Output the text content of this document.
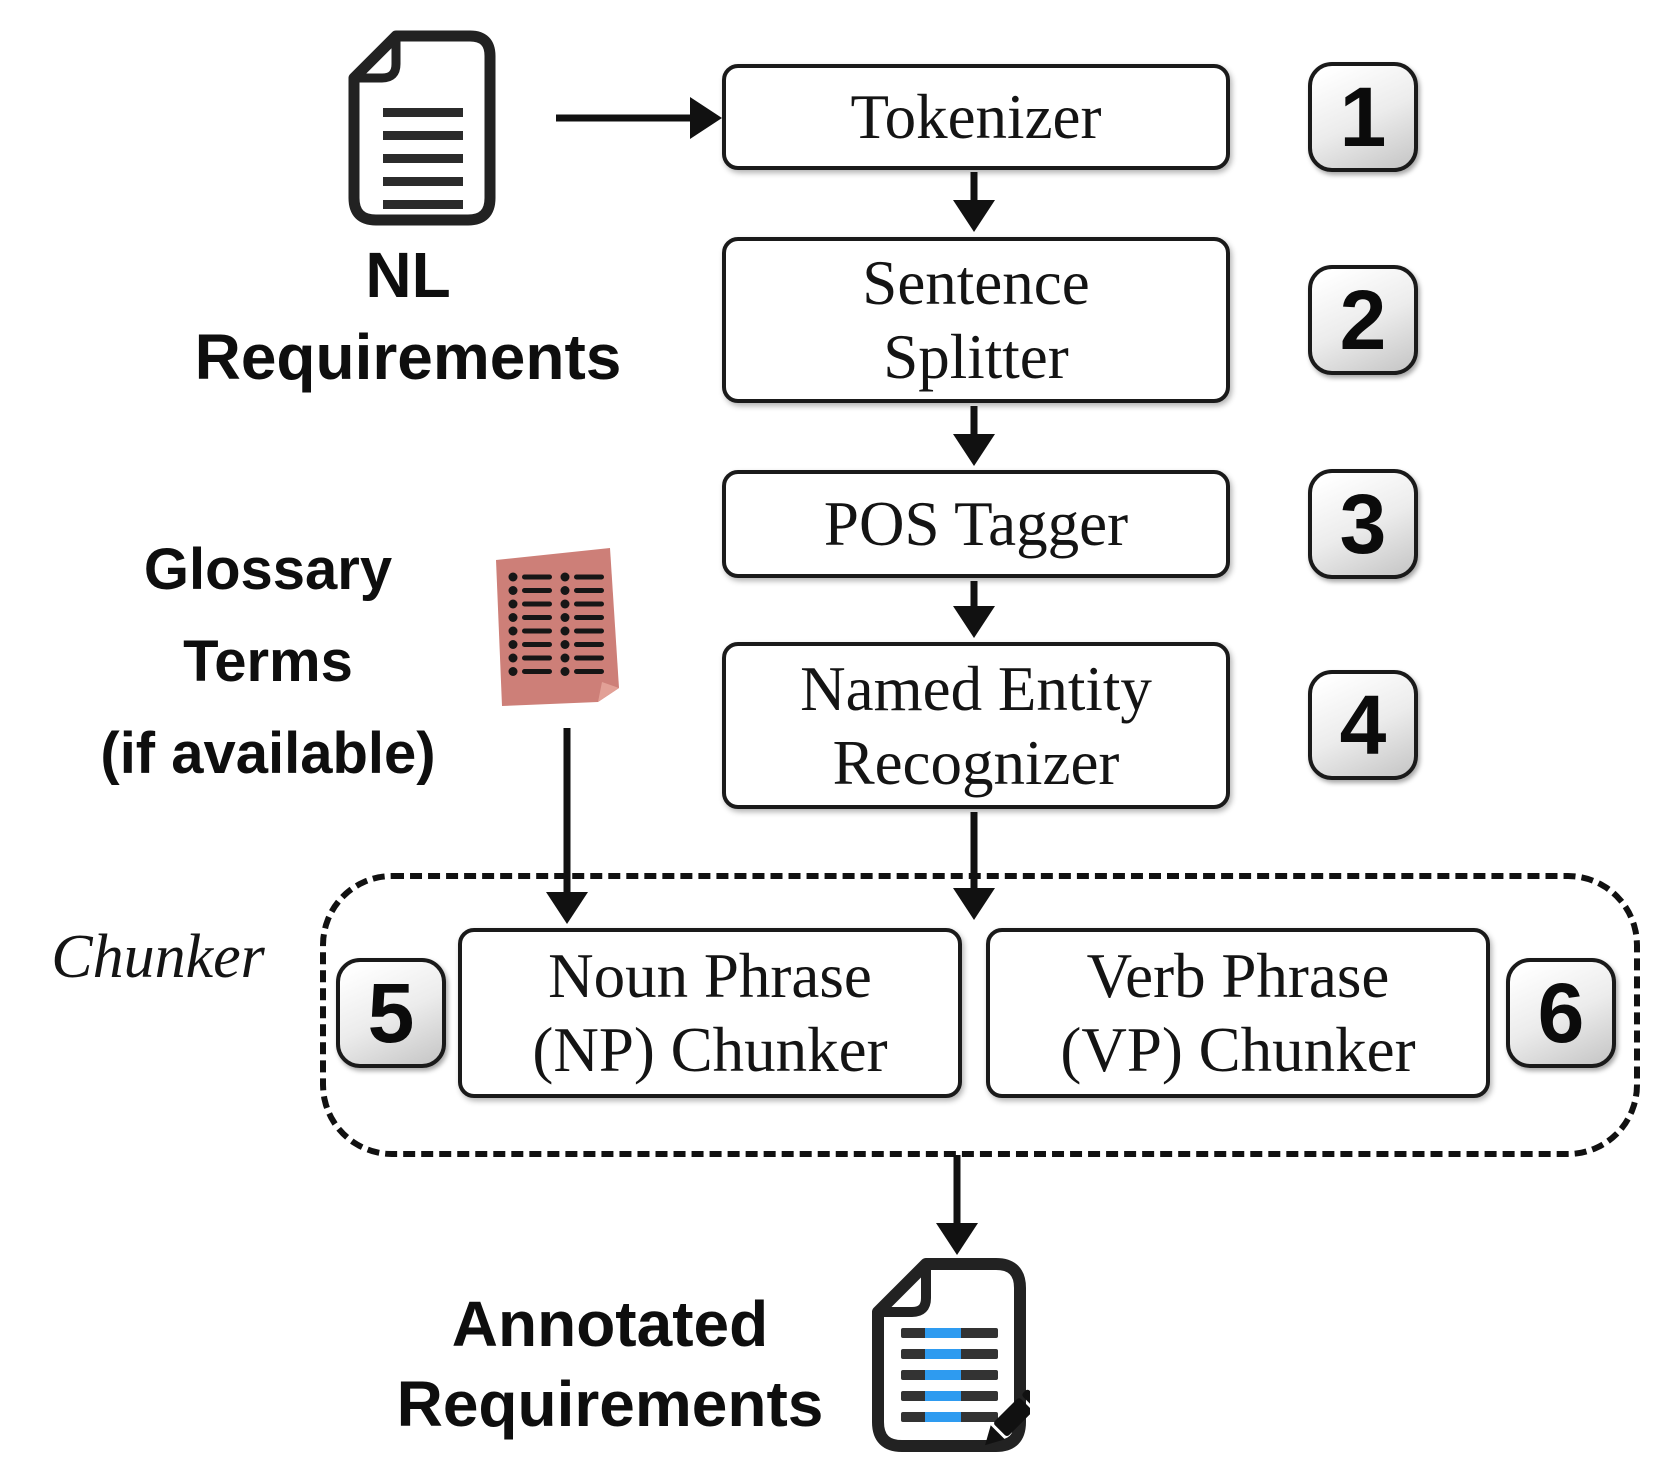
NL
Requirements
Tokenizer	1
Sentence
Splitter	2
POS Tagger	3
Named Entity
Recognizer	4
Glossary
Terms
(if available)
Chunker
5 Noun Phrase
(NP) Chunker
Verb Phrase
(VP) Chunker 6
Annotated
Requirements
